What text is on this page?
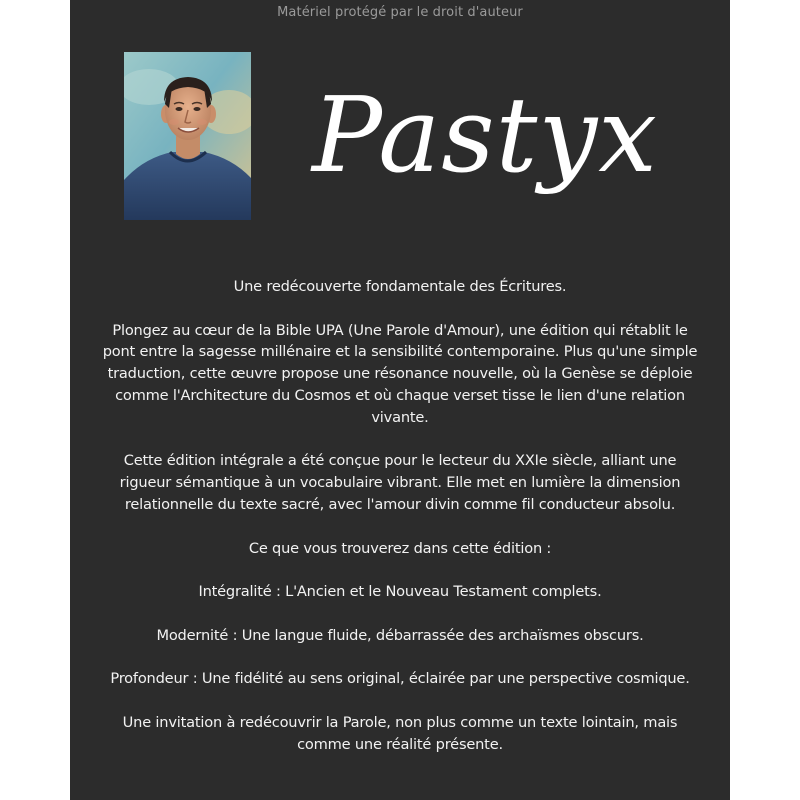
Matériel protégé par le droit d'auteur
Pastyx

Une redécouverte fondamentale des Écritures.

Plongez au cœur de la Bible UPA (Une Parole d'Amour), une édition qui rétablit le pont entre la sagesse millénaire et la sensibilité contemporaine. Plus qu'une simple traduction, cette œuvre propose une résonance nouvelle, où la Genèse se déploie comme l'Architecture du Cosmos et où chaque verset tisse le lien d'une relation vivante.

Cette édition intégrale a été conçue pour le lecteur du XXIe siècle, alliant une rigueur sémantique à un vocabulaire vibrant. Elle met en lumière la dimension relationnelle du texte sacré, avec l'amour divin comme fil conducteur absolu.

Ce que vous trouverez dans cette édition :

Intégralité : L'Ancien et le Nouveau Testament complets.

Modernité : Une langue fluide, débarrassée des archaïsmes obscurs.

Profondeur : Une fidélité au sens original, éclairée par une perspective cosmique.

Une invitation à redécouvrir la Parole, non plus comme un texte lointain, mais comme une réalité présente.
